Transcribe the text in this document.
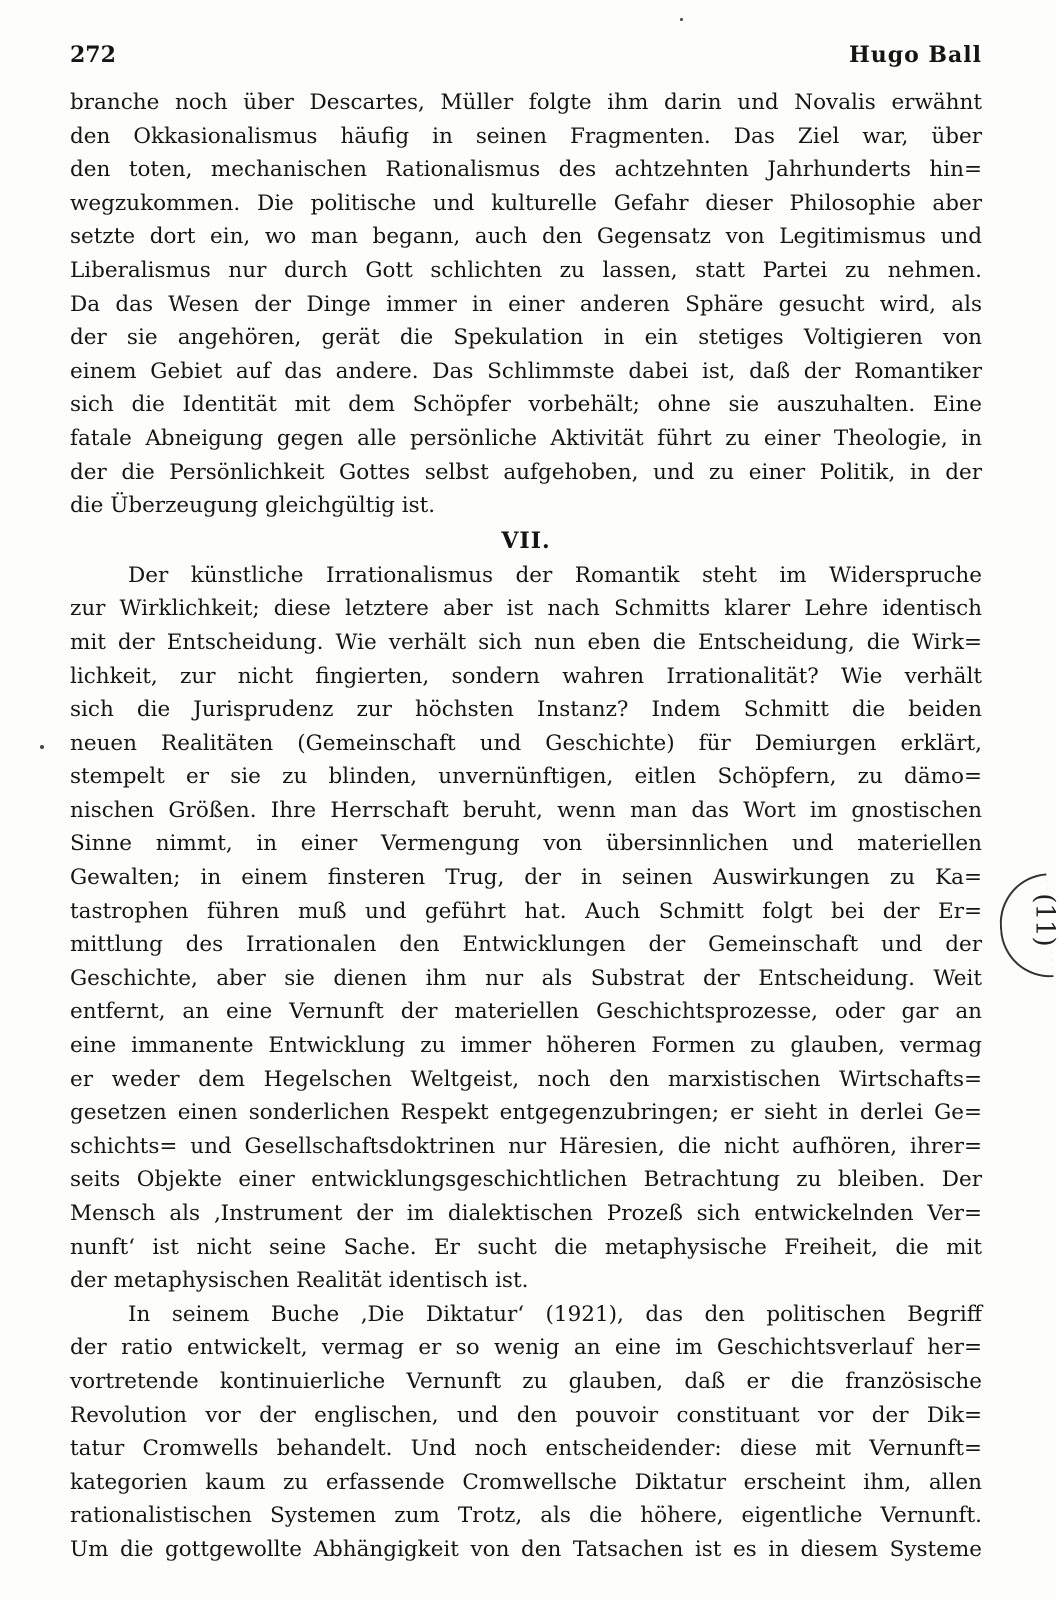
272	Hugo Ball
branche noch über Descartes, Müller folgte ihm darin und Novalis erwähnt
den Okkasionalismus häufig in seinen Fragmenten. Das Ziel war, über
den toten, mechanischen Rationalismus des achtzehnten Jahrhunderts hin=
wegzukommen. Die politische und kulturelle Gefahr dieser Philosophie aber
setzte dort ein, wo man begann, auch den Gegensatz von Legitimismus und
Liberalismus nur durch Gott schlichten zu lassen, statt Partei zu nehmen.
Da das Wesen der Dinge immer in einer anderen Sphäre gesucht wird, als
der sie angehören, gerät die Spekulation in ein stetiges Voltigieren von
einem Gebiet auf das andere. Das Schlimmste dabei ist, daß der Romantiker
sich die Identität mit dem Schöpfer vorbehält; ohne sie auszuhalten. Eine
fatale Abneigung gegen alle persönliche Aktivität führt zu einer Theologie, in
der die Persönlichkeit Gottes selbst aufgehoben, und zu einer Politik, in der
die Überzeugung gleichgültig ist.
VII.
Der künstliche Irrationalismus der Romantik steht im Widerspruche
zur Wirklichkeit; diese letztere aber ist nach Schmitts klarer Lehre identisch
mit der Entscheidung. Wie verhält sich nun eben die Entscheidung, die Wirk=
lichkeit, zur nicht fingierten, sondern wahren Irrationalität? Wie verhält
sich die Jurisprudenz zur höchsten Instanz? Indem Schmitt die beiden
neuen Realitäten (Gemeinschaft und Geschichte) für Demiurgen erklärt,
stempelt er sie zu blinden, unvernünftigen, eitlen Schöpfern, zu dämo=
nischen Größen. Ihre Herrschaft beruht, wenn man das Wort im gnostischen
Sinne nimmt, in einer Vermengung von übersinnlichen und materiellen
Gewalten; in einem finsteren Trug, der in seinen Auswirkungen zu Ka=
tastrophen führen muß und geführt hat. Auch Schmitt folgt bei der Er=
mittlung des Irrationalen den Entwicklungen der Gemeinschaft und der
Geschichte, aber sie dienen ihm nur als Substrat der Entscheidung. Weit
entfernt, an eine Vernunft der materiellen Geschichtsprozesse, oder gar an
eine immanente Entwicklung zu immer höheren Formen zu glauben, vermag
er weder dem Hegelschen Weltgeist, noch den marxistischen Wirtschafts=
gesetzen einen sonderlichen Respekt entgegenzubringen; er sieht in derlei Ge=
schichts= und Gesellschaftsdoktrinen nur Häresien, die nicht aufhören, ihrer=
seits Objekte einer entwicklungsgeschichtlichen Betrachtung zu bleiben. Der
Mensch als ‚Instrument der im dialektischen Prozeß sich entwickelnden Ver=
nunft‘ ist nicht seine Sache. Er sucht die metaphysische Freiheit, die mit
der metaphysischen Realität identisch ist.
In seinem Buche ‚Die Diktatur‘ (1921), das den politischen Begriff
der ratio entwickelt, vermag er so wenig an eine im Geschichtsverlauf her=
vortretende kontinuierliche Vernunft zu glauben, daß er die französische
Revolution vor der englischen, und den pouvoir constituant vor der Dik=
tatur Cromwells behandelt. Und noch entscheidender: diese mit Vernunft=
kategorien kaum zu erfassende Cromwellsche Diktatur erscheint ihm, allen
rationalistischen Systemen zum Trotz, als die höhere, eigentliche Vernunft.
Um die gottgewollte Abhängigkeit von den Tatsachen ist es in diesem Systeme
(11)
